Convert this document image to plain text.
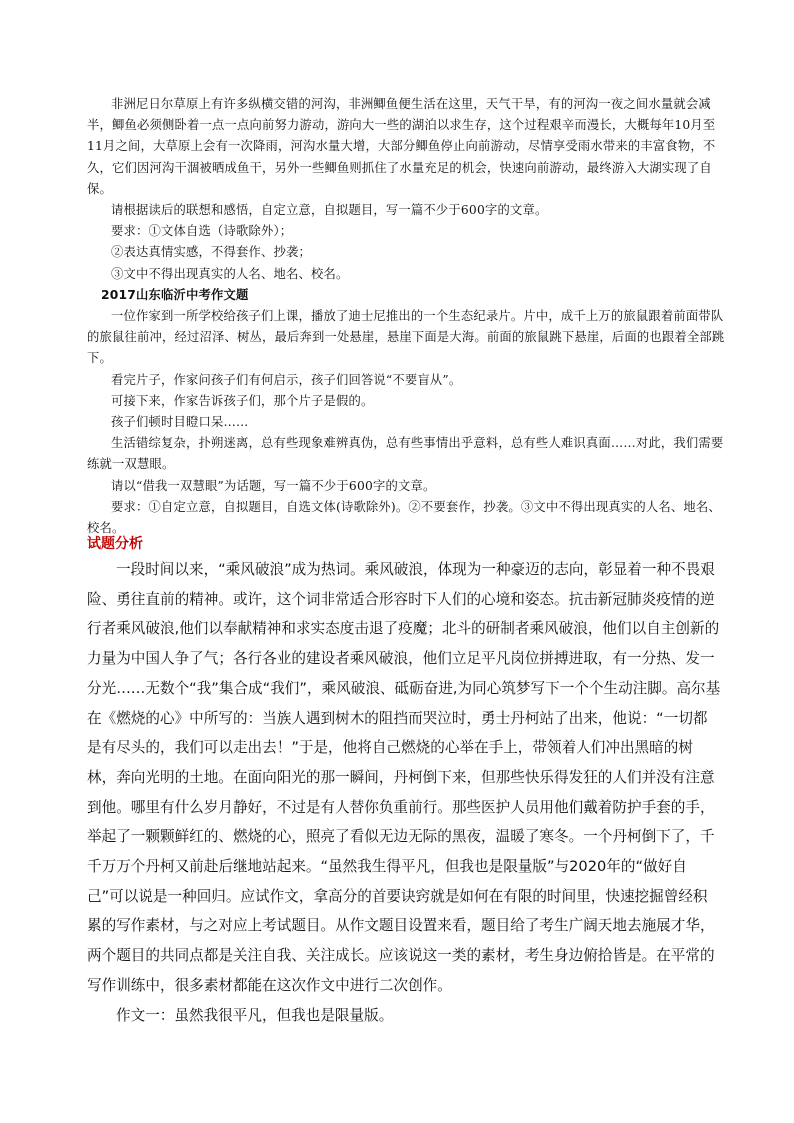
非洲尼日尔草原上有许多纵横交错的河沟，非洲鲫鱼便生活在这里，天气干旱，有的河沟一夜之间水量就会减半，鲫鱼必须侧卧着一点一点向前努力游动，游向大一些的湖泊以求生存，这个过程艰辛而漫长，大概每年10月至11月之间，大草原上会有一次降雨，河沟水量大增，大部分鲫鱼停止向前游动，尽情享受雨水带来的丰富食物，不久，它们因河沟干涸被晒成鱼干，另外一些鲫鱼则抓住了水量充足的机会，快速向前游动，最终游入大湖实现了自保。

请根据读后的联想和感悟，自定立意，自拟题目，写一篇不少于600字的文章。

要求：①文体自选（诗歌除外）；

②表达真情实感，不得套作、抄袭；

③文中不得出现真实的人名、地名、校名。

2017山东临沂中考作文题

一位作家到一所学校给孩子们上课，播放了迪士尼推出的一个生态纪录片。片中，成千上万的旅鼠跟着前面带队的旅鼠往前冲，经过沼泽、树丛，最后奔到一处悬崖，悬崖下面是大海。前面的旅鼠跳下悬崖，后面的也跟着全部跳下。

看完片子，作家问孩子们有何启示，孩子们回答说“不要盲从”。

可接下来，作家告诉孩子们，那个片子是假的。

孩子们顿时目瞪口呆……

生活错综复杂，扑朔迷离，总有些现象难辨真伪，总有些事情出乎意料，总有些人难识真面……对此，我们需要练就一双慧眼。

请以“借我一双慧眼”为话题，写一篇不少于600字的文章。

要求：①自定立意，自拟题目，自选文体(诗歌除外)。②不要套作，抄袭。③文中不得出现真实的人名、地名、校名。

试题分析

一段时间以来，“乘风破浪”成为热词。乘风破浪，体现为一种豪迈的志向，彰显着一种不畏艰险、勇往直前的精神。或许，这个词非常适合形容时下人们的心境和姿态。抗击新冠肺炎疫情的逆行者乘风破浪,他们以奉献精神和求实态度击退了疫魔；北斗的研制者乘风破浪，他们以自主创新的力量为中国人争了气；各行各业的建设者乘风破浪，他们立足平凡岗位拼搏进取，有一分热、发一分光……无数个“我”集合成“我们”，乘风破浪、砥砺奋进,为同心筑梦写下一个个生动注脚。高尔基在《燃烧的心》中所写的：当族人遇到树木的阻挡而哭泣时，勇士丹柯站了出来，他说：“一切都是有尽头的，我们可以走出去！”于是，他将自己燃烧的心举在手上，带领着人们冲出黑暗的树林，奔向光明的土地。在面向阳光的那一瞬间，丹柯倒下来，但那些快乐得发狂的人们并没有注意到他。哪里有什么岁月静好，不过是有人替你负重前行。那些医护人员用他们戴着防护手套的手，举起了一颗颗鲜红的、燃烧的心，照亮了看似无边无际的黑夜，温暖了寒冬。一个丹柯倒下了，千千万万个丹柯又前赴后继地站起来。“虽然我生得平凡，但我也是限量版”与2020年的“做好自己”可以说是一种回归。应试作文，拿高分的首要诀窍就是如何在有限的时间里，快速挖掘曾经积累的写作素材，与之对应上考试题目。从作文题目设置来看，题目给了考生广阔天地去施展才华，两个题目的共同点都是关注自我、关注成长。应该说这一类的素材，考生身边俯拾皆是。在平常的写作训练中，很多素材都能在这次作文中进行二次创作。

作文一：虽然我很平凡，但我也是限量版。
